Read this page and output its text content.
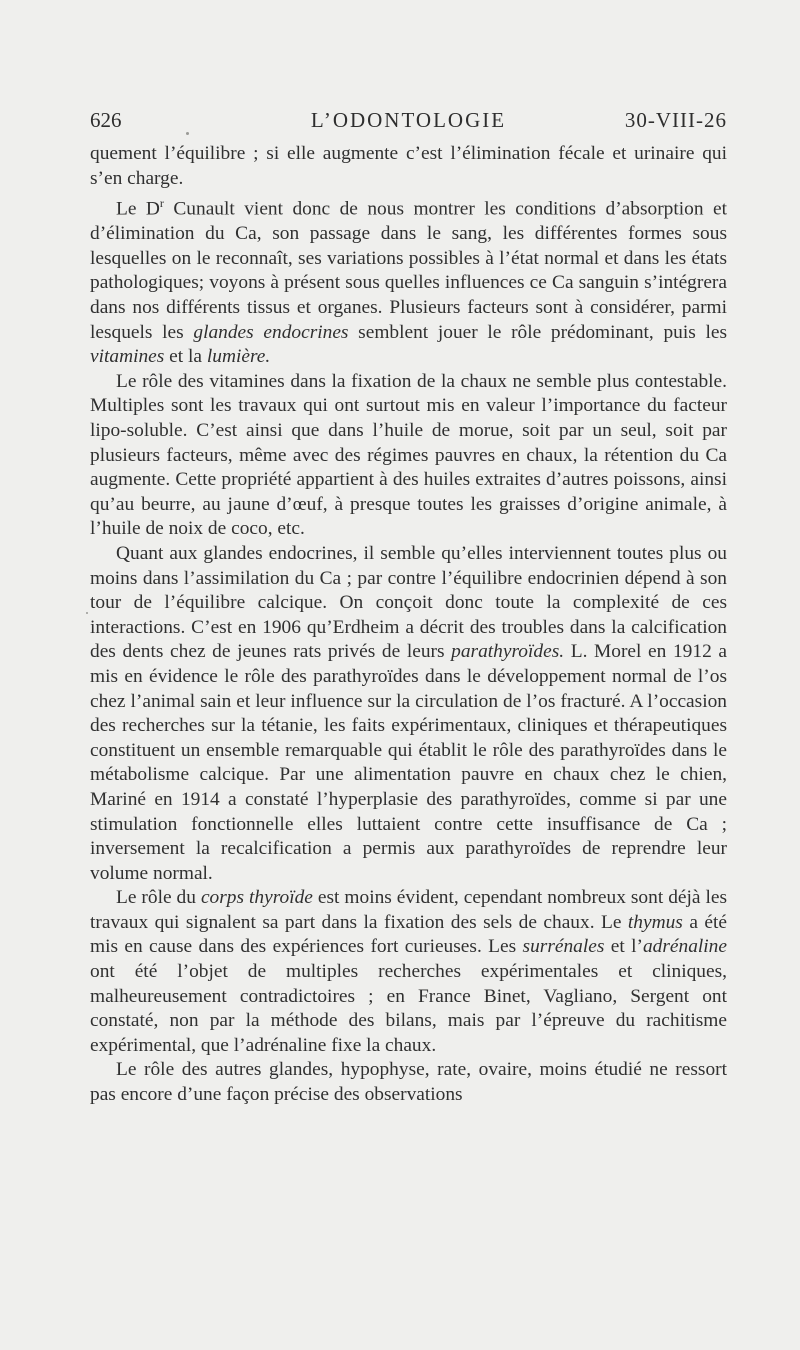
626	L’ODONTOLOGIE	30-VIII-26

quement l’équilibre ; si elle augmente c’est l’élimination fécale et urinaire qui s’en charge.

Le $D^r$ Cunault vient donc de nous montrer les conditions d’absorption et d’élimination du Ca, son passage dans le sang, les différentes formes sous lesquelles on le reconnaît, ses variations possibles à l’état normal et dans les états pathologiques; voyons à présent sous quelles influences ce Ca sanguin s’intégrera dans nos différents tissus et organes. Plusieurs facteurs sont à considérer, parmi lesquels les glandes endocrines semblent jouer le rôle prédominant, puis les vitamines et la lumière.

Le rôle des vitamines dans la fixation de la chaux ne semble plus contestable. Multiples sont les travaux qui ont surtout mis en valeur l’importance du facteur lipo-soluble. C’est ainsi que dans l’huile de morue, soit par un seul, soit par plusieurs facteurs, même avec des régimes pauvres en chaux, la rétention du Ca augmente. Cette propriété appartient à des huiles extraites d’autres poissons, ainsi qu’au beurre, au jaune d’œuf, à presque toutes les graisses d’origine animale, à l’huile de noix de coco, etc.

Quant aux glandes endocrines, il semble qu’elles interviennent toutes plus ou moins dans l’assimilation du Ca ; par contre l’équilibre endocrinien dépend à son tour de l’équilibre calcique. On conçoit donc toute la complexité de ces interactions. C’est en 1906 qu’Erdheim a décrit des troubles dans la calcification des dents chez de jeunes rats privés de leurs parathyroïdes. L. Morel en 1912 a mis en évidence le rôle des parathyroïdes dans le développement normal de l’os chez l’animal sain et leur influence sur la circulation de l’os fracturé. A l’occasion des recherches sur la tétanie, les faits expérimentaux, cliniques et thérapeutiques constituent un ensemble remarquable qui établit le rôle des parathyroïdes dans le métabolisme calcique. Par une alimentation pauvre en chaux chez le chien, Mariné en 1914 a constaté l’hyperplasie des parathyroïdes, comme si par une stimulation fonctionnelle elles luttaient contre cette insuffisance de Ca ; inversement la recalcification a permis aux parathyroïdes de reprendre leur volume normal.

Le rôle du corps thyroïde est moins évident, cependant nombreux sont déjà les travaux qui signalent sa part dans la fixation des sels de chaux. Le thymus a été mis en cause dans des expériences fort curieuses. Les surrénales et l’adrénaline ont été l’objet de multiples recherches expérimentales et cliniques, malheureusement contradictoires ; en France Binet, Vagliano, Sergent ont constaté, non par la méthode des bilans, mais par l’épreuve du rachitisme expérimental, que l’adrénaline fixe la chaux.

Le rôle des autres glandes, hypophyse, rate, ovaire, moins étudié ne ressort pas encore d’une façon précise des observations
